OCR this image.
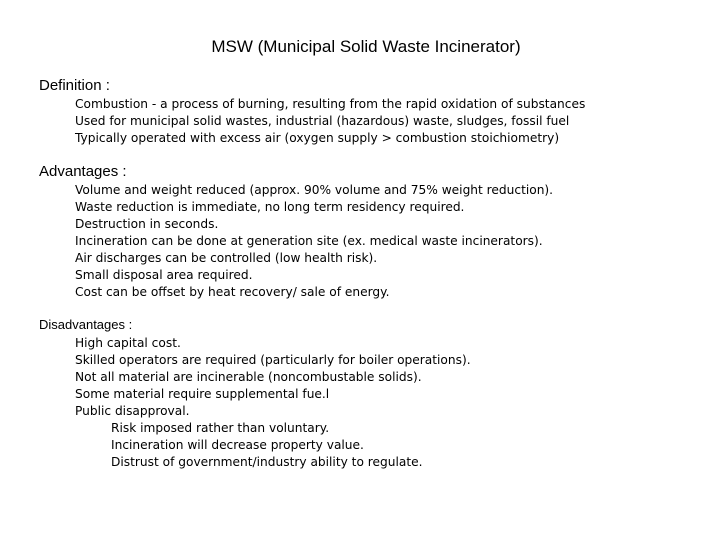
MSW (Municipal Solid Waste Incinerator)
Definition :
Combustion - a process of burning, resulting from the rapid oxidation of substances
Used for municipal solid wastes, industrial (hazardous) waste, sludges, fossil fuel
Typically operated with excess air (oxygen supply > combustion stoichiometry)
Advantages :
Volume and weight reduced (approx. 90% volume and 75% weight reduction).
Waste reduction is immediate, no long term residency required.
Destruction in seconds.
Incineration can be done at generation site (ex. medical waste incinerators).
Air discharges can be controlled (low health risk).
Small disposal area required.
Cost can be offset by heat recovery/ sale of energy.
Disadvantages :
High capital cost.
Skilled operators are required (particularly for boiler operations).
Not all material are incinerable (noncombustable solids).
Some material require supplemental fue.l
Public disapproval.
Risk imposed rather than voluntary.
Incineration will decrease property value.
Distrust of government/industry ability to regulate.
